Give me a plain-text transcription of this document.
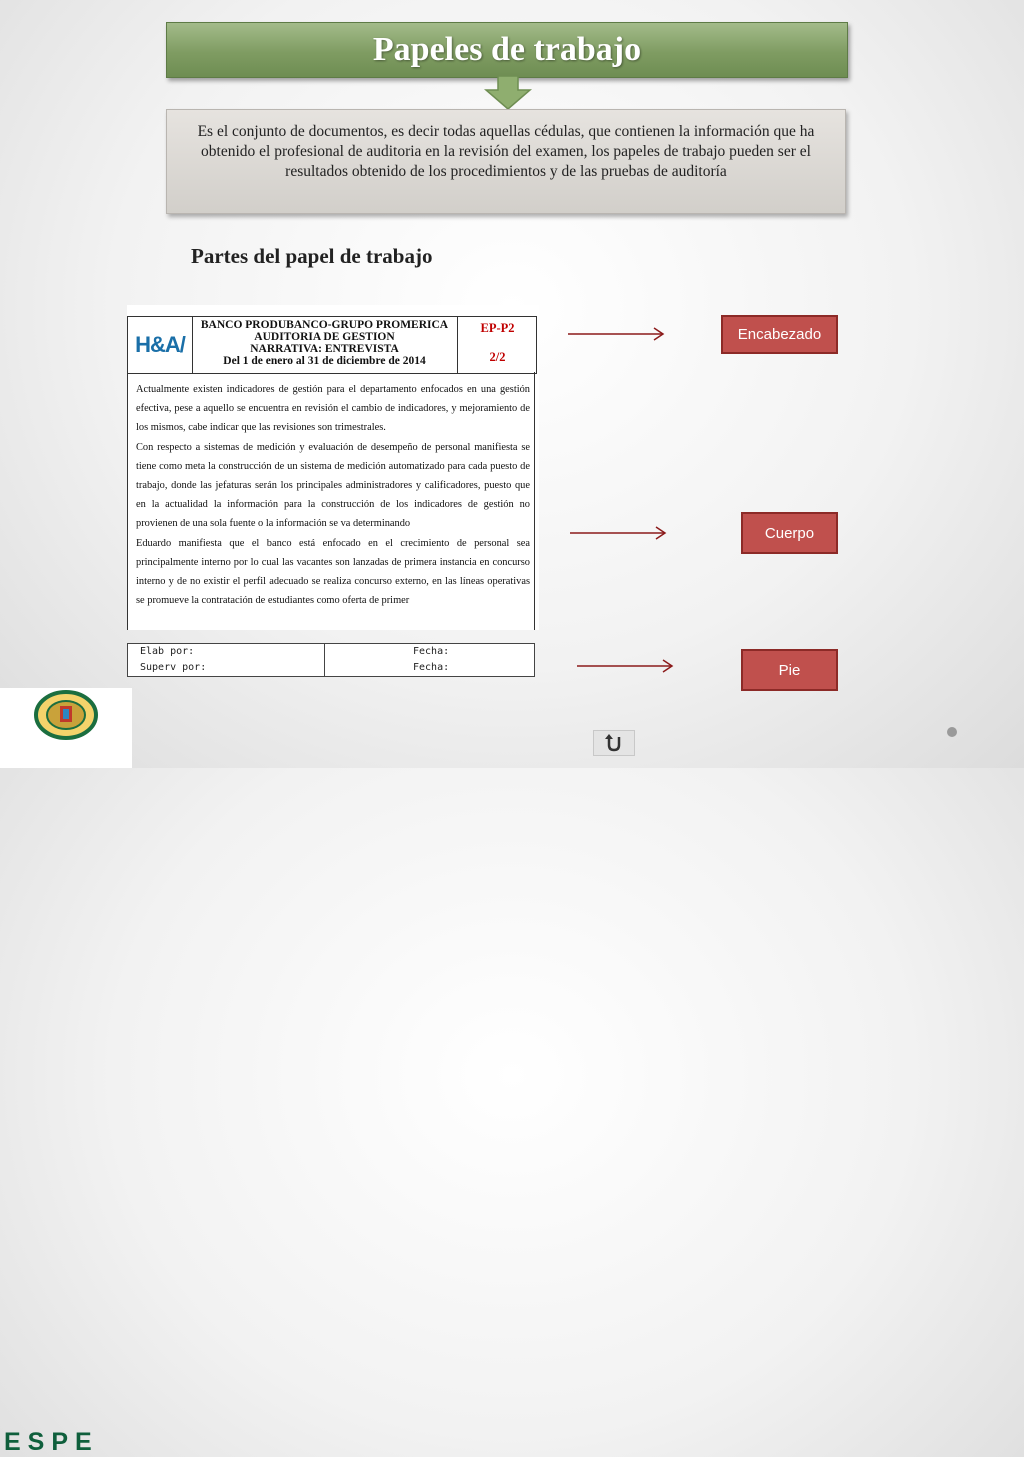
Papeles de trabajo
Es el conjunto de documentos, es decir todas aquellas cédulas, que contienen la información que ha obtenido el profesional de auditoria en la revisión del examen, los papeles de trabajo pueden ser el resultados obtenido de los procedimientos y de las pruebas de auditoría
Partes del papel de trabajo
H&A/
BANCO PRODUBANCO-GRUPO PROMERICA
AUDITORIA DE GESTION
NARRATIVA: ENTREVISTA
Del 1 de enero al 31 de diciembre de 2014
EP-P2
2/2

Actualmente existen indicadores de gestión para el departamento enfocados en una gestión efectiva, pese a aquello se encuentra en revisión el cambio de indicadores, y mejoramiento de los mismos, cabe indicar que las revisiones son trimestrales.

Con respecto a sistemas de medición y evaluación de desempeño de personal manifiesta se tiene como meta la construcción de un sistema de medición automatizado para cada puesto de trabajo, donde las jefaturas serán los principales administradores y calificadores, puesto que en la actualidad la información para la construcción de los indicadores de gestión no provienen de una sola fuente o la información se va determinando

Eduardo manifiesta que el banco está enfocado en el crecimiento de personal sea principalmente interno por lo cual las vacantes son lanzadas de primera instancia en concurso interno y de no existir el perfil adecuado se realiza concurso externo, en las líneas operativas se promueve la contratación de estudiantes como oferta de primer

Elab por:	Fecha:
Superv por:	Fecha:
Encabezado
Cuerpo
Pie
ESPE
